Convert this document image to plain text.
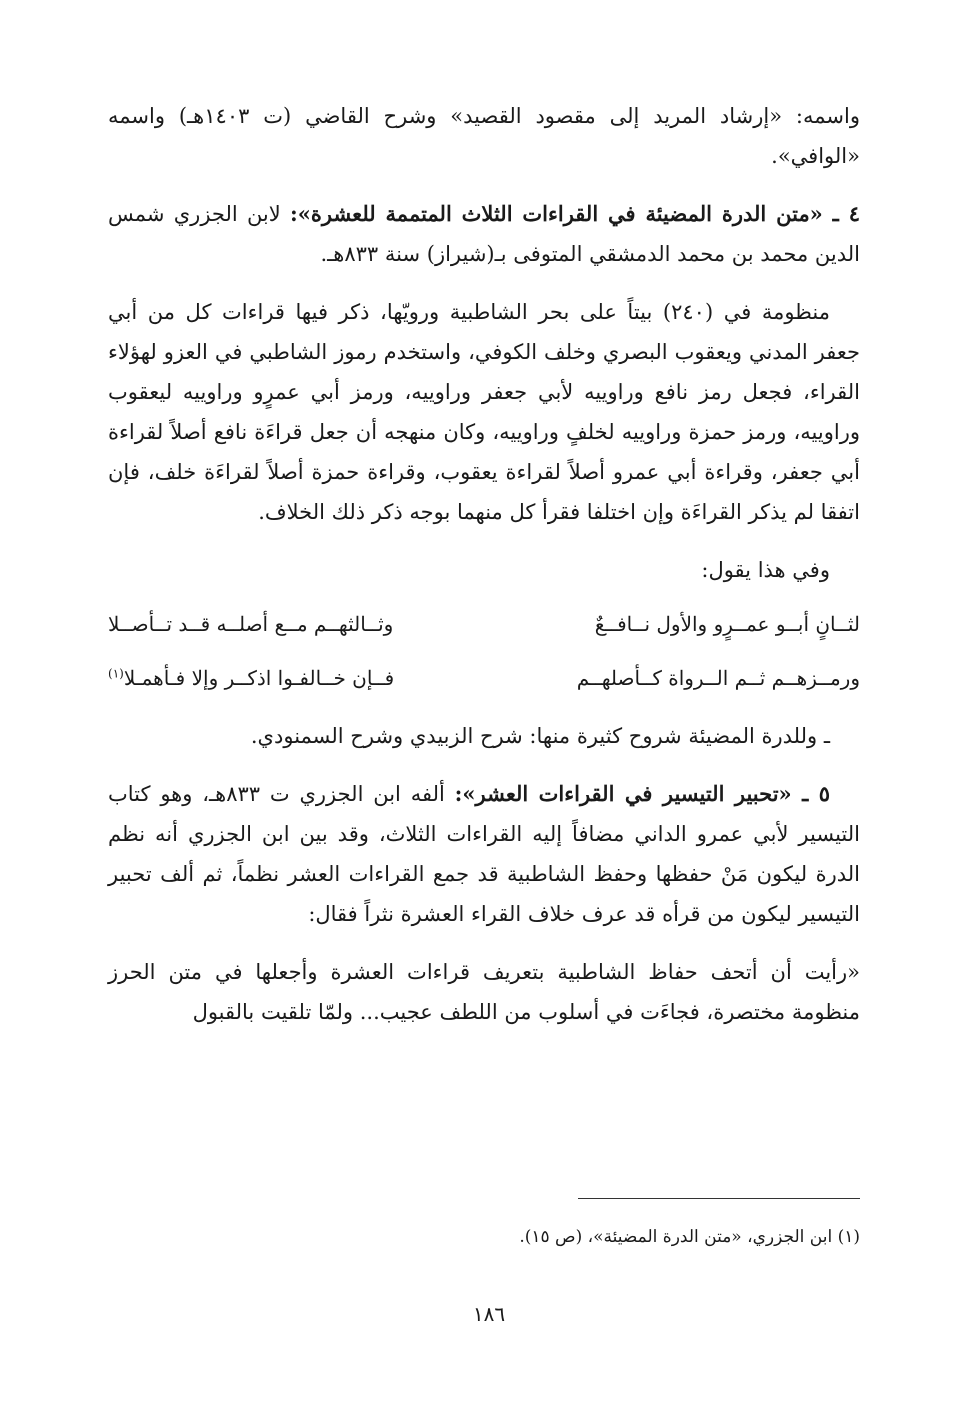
واسمه: «إرشاد المريد إلى مقصود القصيد» وشرح القاضي (ت ١٤٠٣هـ) واسمه «الوافي».

٤ ـ «متن الدرة المضيئة في القراءات الثلاث المتممة للعشرة»: لابن الجزري شمس الدين محمد بن محمد الدمشقي المتوفى بـ(شيراز) سنة ٨٣٣هـ.

منظومة في (٢٤٠) بيتاً على بحر الشاطبية ورويّها، ذكر فيها قراءات كل من أبي جعفر المدني ويعقوب البصري وخلف الكوفي، واستخدم رموز الشاطبي في العزو لهؤلاء القراء، فجعل رمز نافع وراوييه لأبي جعفر وراوييه، ورمز أبي عمرٍو وراوييه ليعقوب وراوييه، ورمز حمزة وراوييه لخلفٍ وراوييه، وكان منهجه أن جعل قراءَة نافع أصلاً لقراءة أبي جعفر، وقراءة أبي عمرو أصلاً لقراءة يعقوب، وقراءة حمزة أصلاً لقراءَة خلف، فإن اتفقا لم يذكر القراءَة وإن اختلفا فقرأ كل منهما بوجه ذكر ذلك الخلاف.

وفي هذا يقول:

لثــانٍ أبــو عمــرٍو والأول نــافــعٌ
وثــالثهــم مــع أصلــه قــد تــأصــلا
ورمــزهــم ثــم الــرواة كــأصلهــم
فــإن خــالفـوا اذكــر وإلا فـأهمـلا$^{(١)}$

ـ وللدرة المضيئة شروح كثيرة منها: شرح الزبيدي وشرح السمنودي.

٥ ـ «تحبير التيسير في القراءات العشر»: ألفه ابن الجزري ت ٨٣٣هـ، وهو كتاب التيسير لأبي عمرو الداني مضافاً إليه القراءات الثلاث، وقد بين ابن الجزري أنه نظم الدرة ليكون مَنْ حفظها وحفظ الشاطبية قد جمع القراءات العشر نظماً، ثم ألف تحبير التيسير ليكون من قرأه قد عرف خلاف القراء العشرة نثراً فقال:

«رأيت أن أتحف حفاظ الشاطبية بتعريف قراءات العشرة وأجعلها في متن الحرز منظومة مختصرة، فجاءَت في أسلوب من اللطف عجيب... ولمّا تلقيت بالقبول

(١) ابن الجزري، «متن الدرة المضيئة»، (ص ١٥).
١٨٦
